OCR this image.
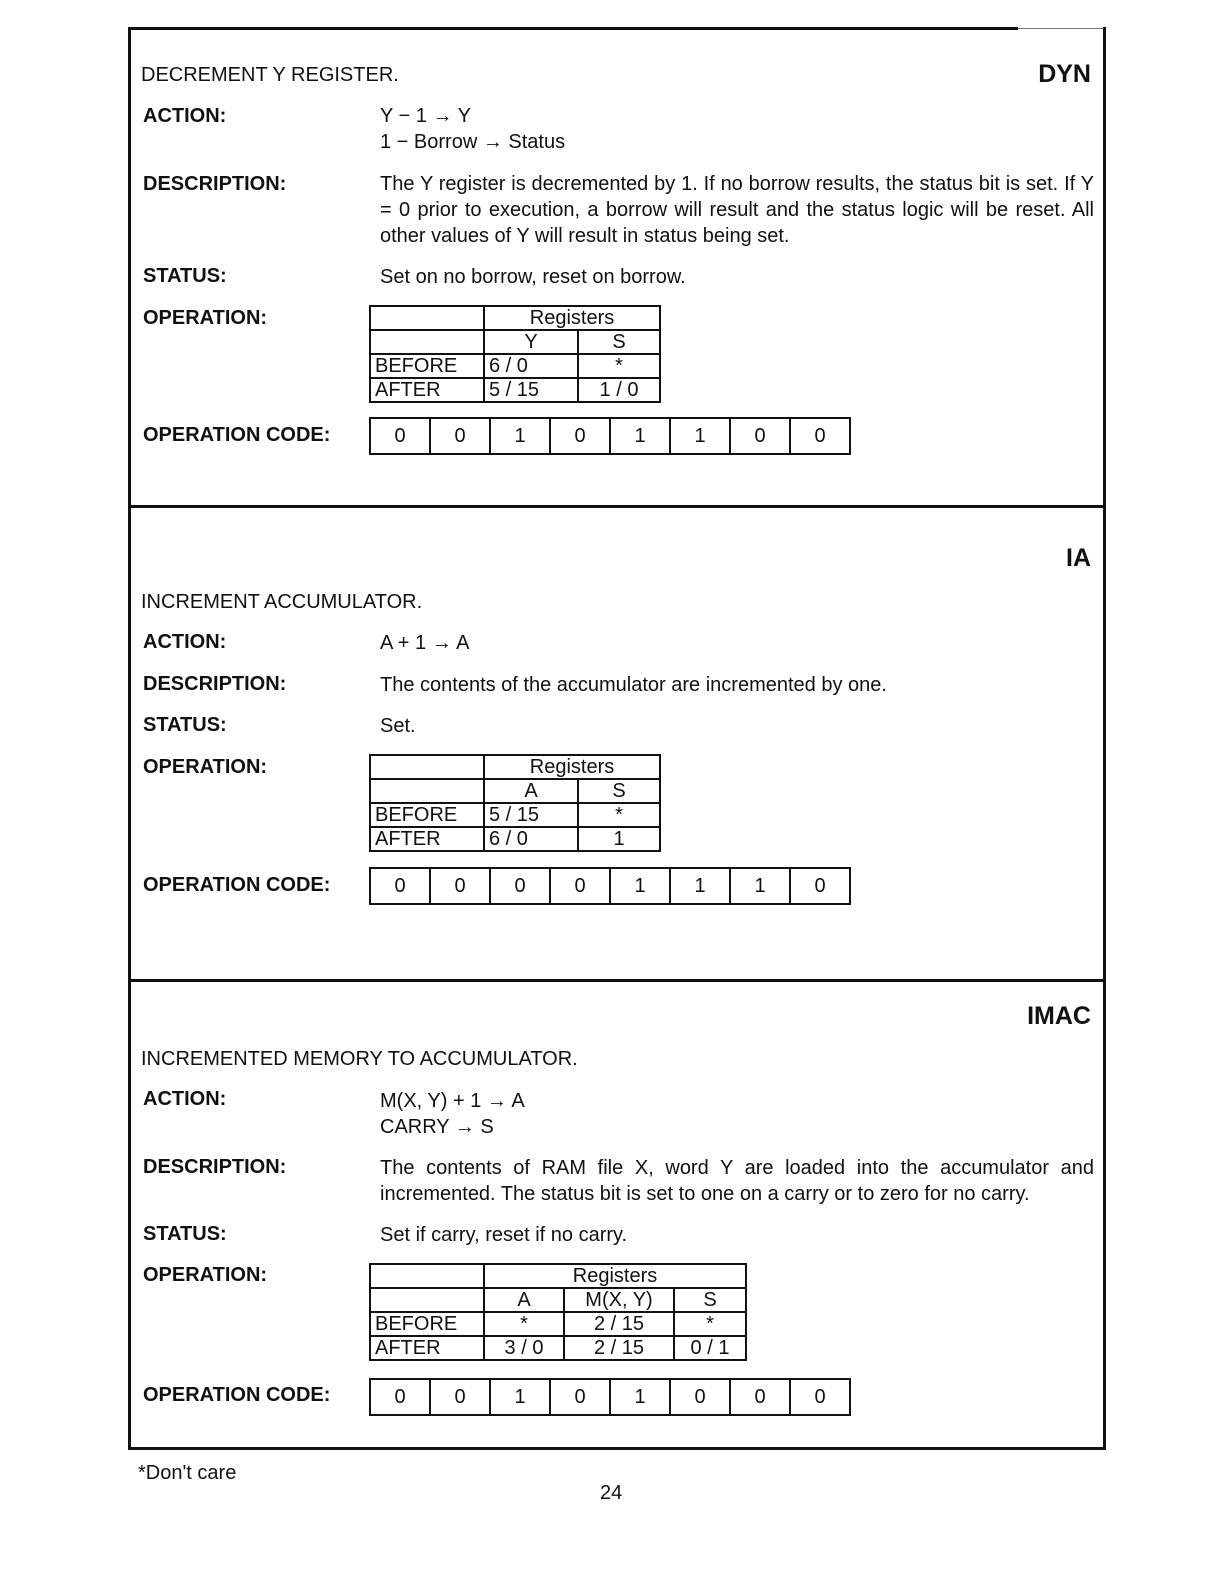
DECREMENT Y REGISTER.	DYN
ACTION:	Y − 1 → Y
1 − Borrow → Status
DESCRIPTION:	The Y register is decremented by 1. If no borrow results, the status bit is set. If Y = 0 prior to execution, a borrow will result and the status logic will be reset. All other values of Y will result in status being set.
STATUS:	Set on no borrow, reset on borrow.
OPERATION:
		Registers	
	Y	S
BEFORE	6 / 0	*
AFTER	5 / 15	1 / 0
OPERATION CODE:	0	0	1	0	1	1	0	0
IA
INCREMENT ACCUMULATOR.
ACTION:	A + 1 → A
DESCRIPTION:	The contents of the accumulator are incremented by one.
STATUS:	Set.
OPERATION:
		Registers	
	A	S
BEFORE	5 / 15	*
AFTER	6 / 0	1
OPERATION CODE:	0	0	0	0	1	1	1	0
IMAC
INCREMENTED MEMORY TO ACCUMULATOR.
ACTION:	M(X, Y) + 1 → A
CARRY → S
DESCRIPTION:	The contents of RAM file X, word Y are loaded into the accumulator and incremented. The status bit is set to one on a carry or to zero for no carry.
STATUS:	Set if carry, reset if no carry.
OPERATION:
		Registers		
	A	M(X, Y)	S
BEFORE	*	2 / 15	*
AFTER	3 / 0	2 / 15	0 / 1
OPERATION CODE:	0	0	1	0	1	0	0	0
*Don't care
24
